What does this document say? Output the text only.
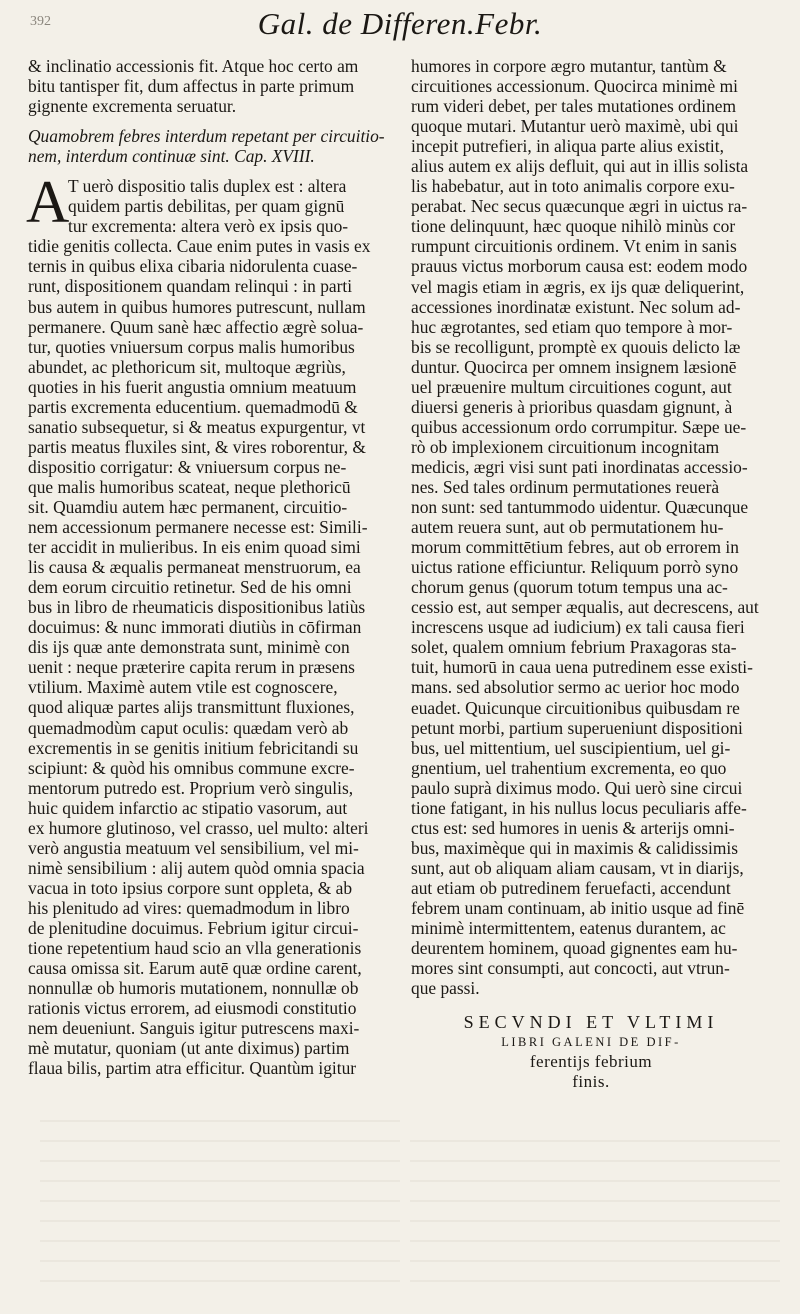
392	Gal. de Differen.Febr.
& inclinatio accessionis fit. Atque hoc certo am
bitu tantisper fit, dum affectus in parte primum
gignente excrementa seruatur.
Quamobrem febres interdum repetant per circuitio-
nem, interdum continuæ sint. Cap. XVIII.
A
T uerò dispositio talis duplex est : altera
quidem partis debilitas, per quam gignū
tur excrementa: altera verò ex ipsis quo-
tidie genitis collecta. Caue enim putes in vasis ex
ternis in quibus elixa cibaria nidorulenta cuase-
runt, dispositionem quandam relinqui : in parti
bus autem in quibus humores putrescunt, nullam
permanere. Quum sanè hæc affectio ægrè solua-
tur, quoties vniuersum corpus malis humoribus
abundet, ac plethoricum sit, multoque ægriùs,
quoties in his fuerit angustia omnium meatuum
partis excrementa educentium. quemadmodū &
sanatio subsequetur, si & meatus expurgentur, vt
partis meatus fluxiles sint, & vires roborentur, &
dispositio corrigatur: & vniuersum corpus ne-
que malis humoribus scateat, neque plethoricū
sit. Quamdiu autem hæc permanent, circuitio-
nem accessionum permanere necesse est: Simili-
ter accidit in mulieribus. In eis enim quoad simi
lis causa & æqualis permaneat menstruorum, ea
dem eorum circuitio retinetur. Sed de his omni
bus in libro de rheumaticis dispositionibus latiùs
docuimus: & nunc immorati diutiùs in cōfirman
dis ijs quæ ante demonstrata sunt, minimè con
uenit : neque præterire capita rerum in præsens
vtilium. Maximè autem vtile est cognoscere,
quod aliquæ partes alijs transmittunt fluxiones,
quemadmodùm caput oculis: quædam verò ab
excrementis in se genitis initium febricitandi su
scipiunt: & quòd his omnibus commune excre-
mentorum putredo est. Proprium verò singulis,
huic quidem infarctio ac stipatio vasorum, aut
ex humore glutinoso, vel crasso, uel multo: alteri
verò angustia meatuum vel sensibilium, vel mi-
nimè sensibilium : alij autem quòd omnia spacia
vacua in toto ipsius corpore sunt oppleta, & ab
his plenitudo ad vires: quemadmodum in libro
de plenitudine docuimus. Febrium igitur circui-
tione repetentium haud scio an vlla generationis
causa omissa sit. Earum autē quæ ordine carent,
nonnullæ ob humoris mutationem, nonnullæ ob
rationis victus errorem, ad eiusmodi constitutio
nem deueniunt. Sanguis igitur putrescens maxi-
mè mutatur, quoniam (ut ante diximus) partim
flaua bilis, partim atra efficitur. Quantùm igitur
humores in corpore ægro mutantur, tantùm &
circuitiones accessionum. Quocirca minimè mi
rum videri debet, per tales mutationes ordinem
quoque mutari. Mutantur uerò maximè, ubi qui
incepit putrefieri, in aliqua parte alius existit,
alius autem ex alijs defluit, qui aut in illis solista
lis habebatur, aut in toto animalis corpore exu-
perabat. Nec secus quæcunque ægri in uictus ra-
tione delinquunt, hæc quoque nihilò minùs cor
rumpunt circuitionis ordinem. Vt enim in sanis
prauus victus morborum causa est: eodem modo
vel magis etiam in ægris, ex ijs quæ deliquerint,
accessiones inordinatæ existunt. Nec solum ad-
huc ægrotantes, sed etiam quo tempore à mor-
bis se recolligunt, promptè ex quouis delicto læ
duntur. Quocirca per omnem insignem læsionē
uel præuenire multum circuitiones cogunt, aut
diuersi generis à prioribus quasdam gignunt, à
quibus accessionum ordo corrumpitur. Sæpe ue-
rò ob implexionem circuitionum incognitam
medicis, ægri visi sunt pati inordinatas accessio-
nes. Sed tales ordinum permutationes reuerà
non sunt: sed tantummodo uidentur. Quæcunque
autem reuera sunt, aut ob permutationem hu-
morum committētium febres, aut ob errorem in
uictus ratione efficiuntur. Reliquum porrò syno
chorum genus (quorum totum tempus una ac-
cessio est, aut semper æqualis, aut decrescens, aut
increscens usque ad iudicium) ex tali causa fieri
solet, qualem omnium febrium Praxagoras sta-
tuit, humorū in caua uena putredinem esse existi-
mans. sed absolutior sermo ac uerior hoc modo
euadet. Quicunque circuitionibus quibusdam re
petunt morbi, partium superueniunt dispositioni
bus, uel mittentium, uel suscipientium, uel gi-
gnentium, uel trahentium excrementa, eo quo
paulo suprà diximus modo. Qui uerò sine circui
tione fatigant, in his nullus locus peculiaris affe-
ctus est: sed humores in uenis & arterijs omni-
bus, maximèque qui in maximis & calidissimis
sunt, aut ob aliquam aliam causam, vt in diarijs,
aut etiam ob putredinem feruefacti, accendunt
febrem unam continuam, ab initio usque ad finē
minimè intermittentem, eatenus durantem, ac
deurentem hominem, quoad gignentes eam hu-
mores sint consumpti, aut concocti, aut vtrun-
que passi.
SECVNDI ET VLTIMI
LIBRI GALENI DE DIF-
ferentijs febrium
finis.
